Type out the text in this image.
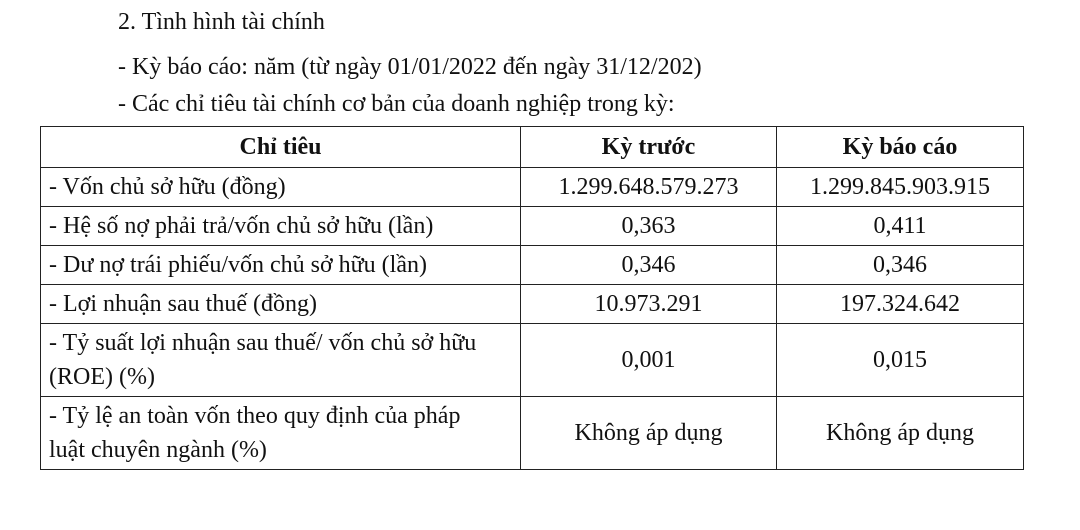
2. Tình hình tài chính
- Kỳ báo cáo: năm (từ ngày 01/01/2022 đến ngày 31/12/202)
- Các chỉ tiêu tài chính cơ bản của doanh nghiệp trong kỳ:
Chỉ tiêu	Kỳ trước	Kỳ báo cáo
- Vốn chủ sở hữu (đồng)	1.299.648.579.273	1.299.845.903.915
- Hệ số nợ phải trả/vốn chủ sở hữu (lần)	0,363	0,411
- Dư nợ trái phiếu/vốn chủ sở hữu (lần)	0,346	0,346
- Lợi nhuận sau thuế (đồng)	10.973.291	197.324.642

- Tỷ suất lợi nhuận sau thuế/ vốn chủ sở hữu
(ROE) (%)	0,001	0,015

- Tỷ lệ an toàn vốn theo quy định của pháp
luật chuyên ngành (%)	Không áp dụng	Không áp dụng
